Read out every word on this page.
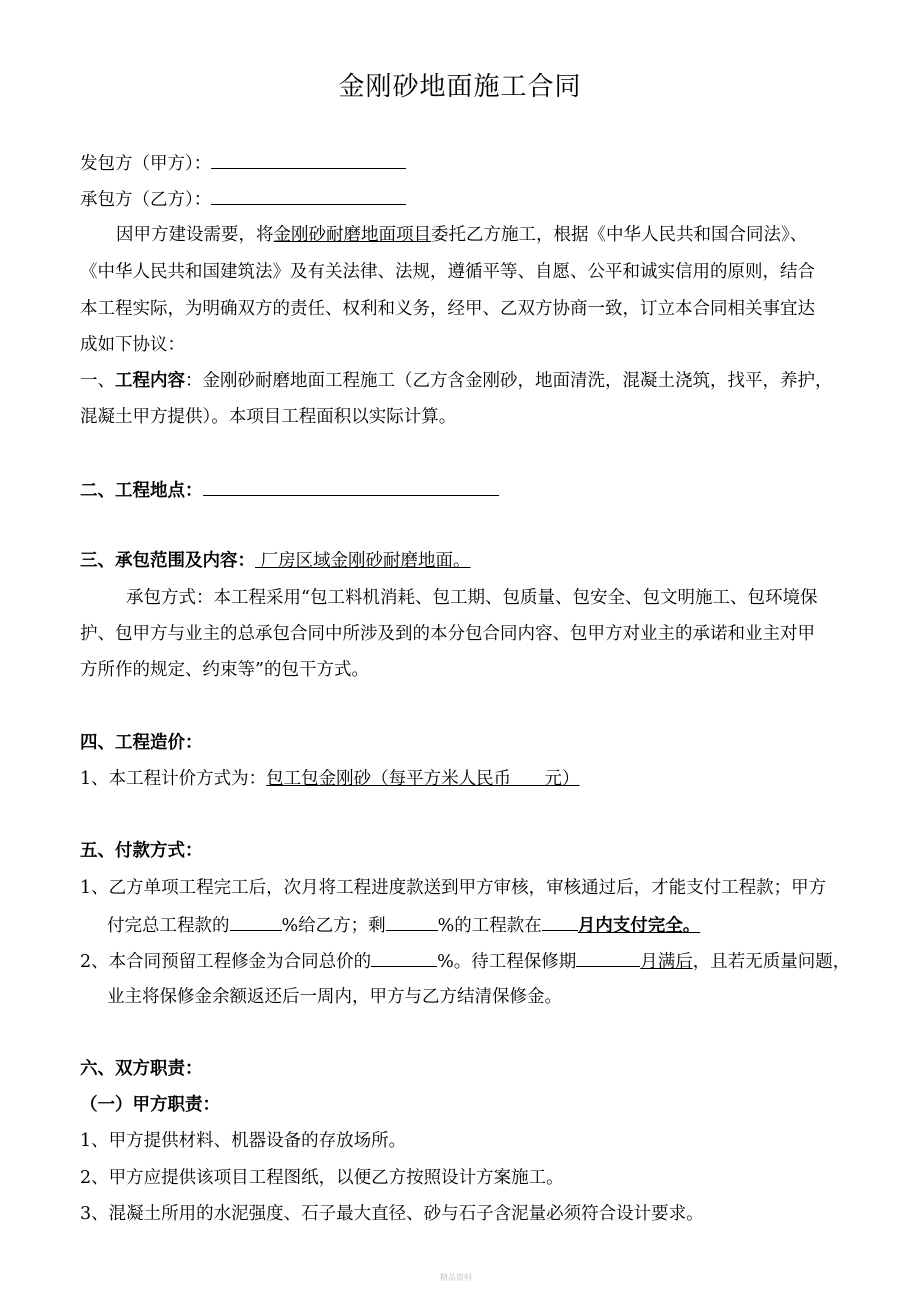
金刚砂地面施工合同
发包方（甲方）：
承包方（乙方）：
因甲方建设需要，将金刚砂耐磨地面项目委托乙方施工，根据《中华人民共和国合同法》、
《中华人民共和国建筑法》及有关法律、法规，遵循平等、自愿、公平和诚实信用的原则，结合
本工程实际，为明确双方的责任、权利和义务，经甲、乙双方协商一致，订立本合同相关事宜达
成如下协议：
一、工程内容：金刚砂耐磨地面工程施工（乙方含金刚砂，地面清洗，混凝土浇筑，找平，养护，
混凝土甲方提供）。本项目工程面积以实际计算。
二、工程地点：
三、承包范围及内容： 厂房区域金刚砂耐磨地面。
承包方式：本工程采用“包工料机消耗、包工期、包质量、包安全、包文明施工、包环境保
护、包甲方与业主的总承包合同中所涉及到的本分包合同内容、包甲方对业主的承诺和业主对甲
方所作的规定、约束等”的包干方式。
四、工程造价：
1、本工程计价方式为：包工包金刚砂（每平方米人民币      元）
五、付款方式：
1、乙方单项工程完工后，次月将工程进度款送到甲方审核，审核通过后，才能支付工程款；甲方
付完总工程款的	%给乙方；剩	%的工程款在 月内支付完全。
2、本合同预留工程修金为合同总价的	%。待工程保修期	月满后，且若无质量问题，
业主将保修金余额返还后一周内，甲方与乙方结清保修金。
六、双方职责：
（一）甲方职责：
1、甲方提供材料、机器设备的存放场所。
2、甲方应提供该项目工程图纸，以便乙方按照设计方案施工。
3、混凝土所用的水泥强度、石子最大直径、砂与石子含泥量必须符合设计要求。
精品资料
